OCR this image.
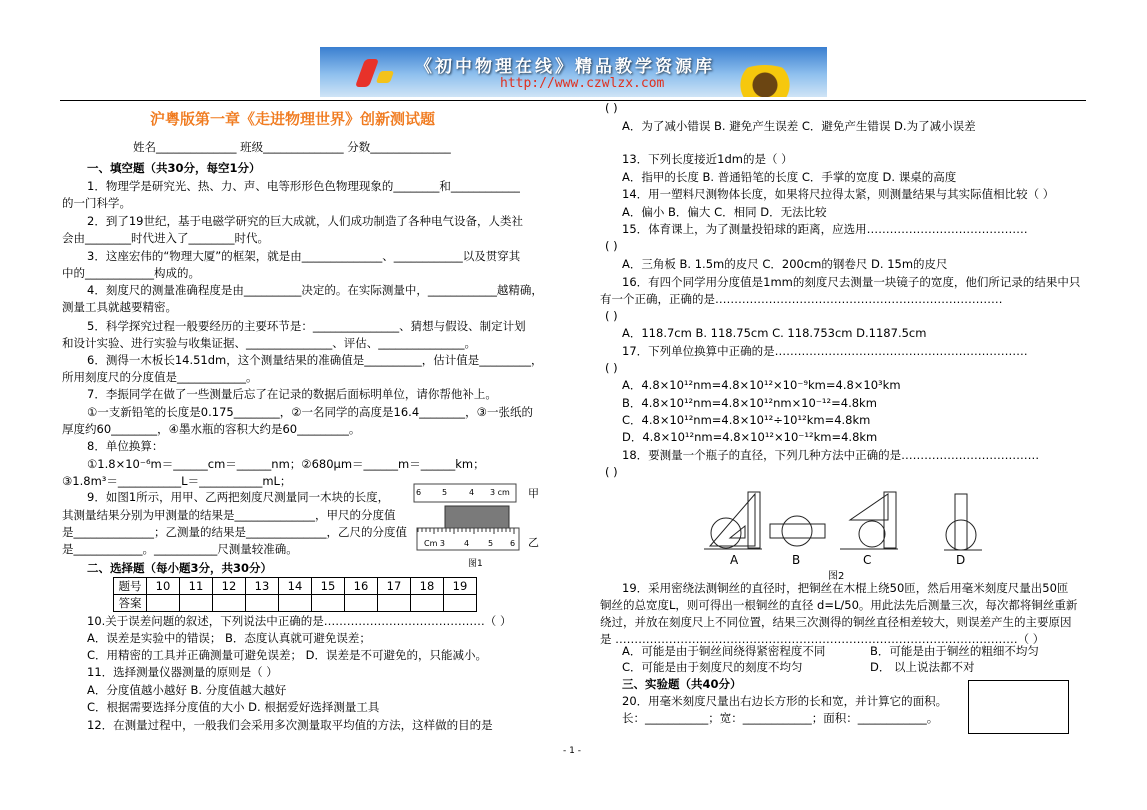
《初中物理在线》精品教学资源库
http://www.czwlzx.com
沪粤版第一章《走进物理世界》创新测试题
姓名______________ 班级______________ 分数______________
一、填空题（共30分，每空1分）
1．物理学是研究光、热、力、声、电等形形色色物理现象的________和____________
的一门科学。
2．到了19世纪，基于电磁学研究的巨大成就，人们成功制造了各种电气设备，人类社
会由________时代进入了________时代。
3．这座宏伟的“物理大厦”的框架，就是由______________、____________以及贯穿其
中的____________构成的。
4．刻度尺的测量准确程度是由__________决定的。在实际测量中，____________越精确，
测量工具就越要精密。
5．科学探究过程一般要经历的主要环节是：_______________、猜想与假设、制定计划
和设计实验、进行实验与收集证据、_______________、评估、_______________。
6．测得一木板长14.51dm，这个测量结果的准确值是__________，估计值是_________，
所用刻度尺的分度值是____________。
7．李振同学在做了一些测量后忘了在记录的数据后面标明单位，请你帮他补上。
①一支新铅笔的长度是0.175________，②一名同学的高度是16.4________，③一张纸的
厚度约60________，④墨水瓶的容积大约是60_________。
8．单位换算：
①1.8×10⁻⁶m＝______cm＝______nm；②680μm＝______m＝______km；
③1.8m³＝___________L＝___________mL；
9．如图1所示，用甲、乙两把刻度尺测量同一木块的长度，
其测量结果分别为甲测量的结果是______________，甲尺的分度值
是______________；乙测量的结果是______________，乙尺的分度值
是____________。___________尺测量较准确。
6	5	4 3 cm
Cm 3 4 5 6
甲
乙
图1
二、选择题（每小题3分，共30分）
题号	10	11	12	13	14	15	16	17	18	19
答案										
10.关于误差问题的叙述，下列说法中正确的是……………………………………（ ）
A．误差是实验中的错误； B．态度认真就可避免误差；
C．用精密的工具并正确测量可避免误差； D．误差是不可避免的，只能减小。
11．选择测量仪器测量的原则是（ ）
A．分度值越小越好 B. 分度值越大越好
C．根据需要选择分度值的大小 D. 根据爱好选择测量工具
12．在测量过程中，一般我们会采用多次测量取平均值的方法，这样做的目的是
( )
A．为了减小错误 B. 避免产生误差 C．避免产生错误 D.为了减小误差
13．下列长度接近1dm的是（ ）
A．指甲的长度 B. 普通铅笔的长度 C．手掌的宽度 D. 课桌的高度
14．用一塑料尺测物体长度，如果将尺拉得太紧，则测量结果与其实际值相比较（ ）
A．偏小 B．偏大 C．相同 D．无法比较
15．体育课上，为了测量投铅球的距离，应选用……………………………………
( )
A．三角板 B. 1.5m的皮尺 C．200cm的钢卷尺 D. 15m的皮尺
16．有四个同学用分度值是1mm的刻度尺去测量一块镜子的宽度，他们所记录的结果中只
有一个正确，正确的是…………………………………………………………………
( )
A．118.7cm B. 118.75cm C. 118.753cm D.1187.5cm
17．下列单位换算中正确的是…………………………………………………………
( )
A．4.8×10¹²nm=4.8×10¹²×10⁻⁹km=4.8×10³km
B．4.8×10¹²nm=4.8×10¹²nm×10⁻¹²=4.8km
C．4.8×10¹²nm=4.8×10¹²÷10¹²km=4.8km
D．4.8×10¹²nm=4.8×10¹²×10⁻¹²km=4.8km
18．要测量一个瓶子的直径，下列几种方法中正确的是………………………………
( )
A	B	C	D
图2
19．采用密绕法测铜丝的直径时，把铜丝在木棍上绕50匝，然后用毫米刻度尺量出50匝
铜丝的总宽度L，则可得出一根铜丝的直径 d=L/50。用此法先后测量三次，每次都将铜丝重新
绕过，并放在刻度尺上不同位置，结果三次测得的铜丝直径相差较大，则误差产生的主要原因
是 ……………………………………………………………………………………………（ ）
A．可能是由于铜丝间绕得紧密程度不同	B．可能是由于铜丝的粗细不均匀
C．可能是由于刻度尺的刻度不均匀	D． 以上说法都不对
三、实验题（共40分）
20．用毫米刻度尺量出右边长方形的长和宽，并计算它的面积。
长：___________；宽：____________；面积：____________。
- 1 -
